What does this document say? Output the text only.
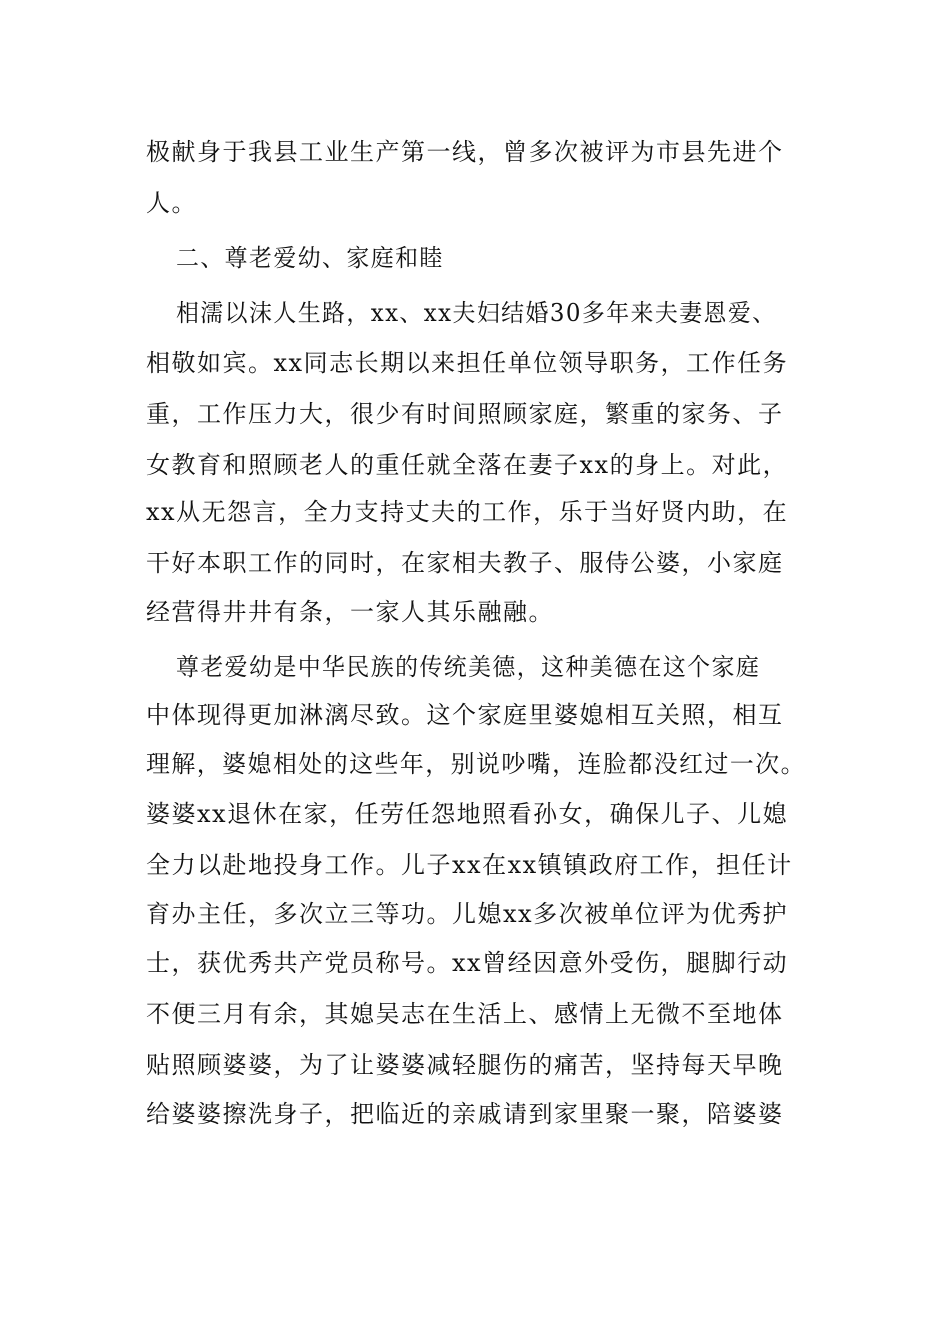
极献身于我县工业生产第一线，曾多次被评为市县先进个
人。
二、尊老爱幼、家庭和睦
相濡以沫人生路，xx、xx夫妇结婚30多年来夫妻恩爱、
相敬如宾。xx同志长期以来担任单位领导职务，工作任务
重，工作压力大，很少有时间照顾家庭，繁重的家务、子
女教育和照顾老人的重任就全落在妻子xx的身上。对此，
xx从无怨言，全力支持丈夫的工作，乐于当好贤内助，在
干好本职工作的同时，在家相夫教子、服侍公婆，小家庭
经营得井井有条，一家人其乐融融。
尊老爱幼是中华民族的传统美德，这种美德在这个家庭
中体现得更加淋漓尽致。这个家庭里婆媳相互关照，相互
理解，婆媳相处的这些年，别说吵嘴，连脸都没红过一次。
婆婆xx退休在家，任劳任怨地照看孙女，确保儿子、儿媳
全力以赴地投身工作。儿子xx在xx镇镇政府工作，担任计
育办主任，多次立三等功。儿媳xx多次被单位评为优秀护
士，获优秀共产党员称号。xx曾经因意外受伤，腿脚行动
不便三月有余，其媳吴志在生活上、感情上无微不至地体
贴照顾婆婆，为了让婆婆减轻腿伤的痛苦，坚持每天早晚
给婆婆擦洗身子，把临近的亲戚请到家里聚一聚，陪婆婆
